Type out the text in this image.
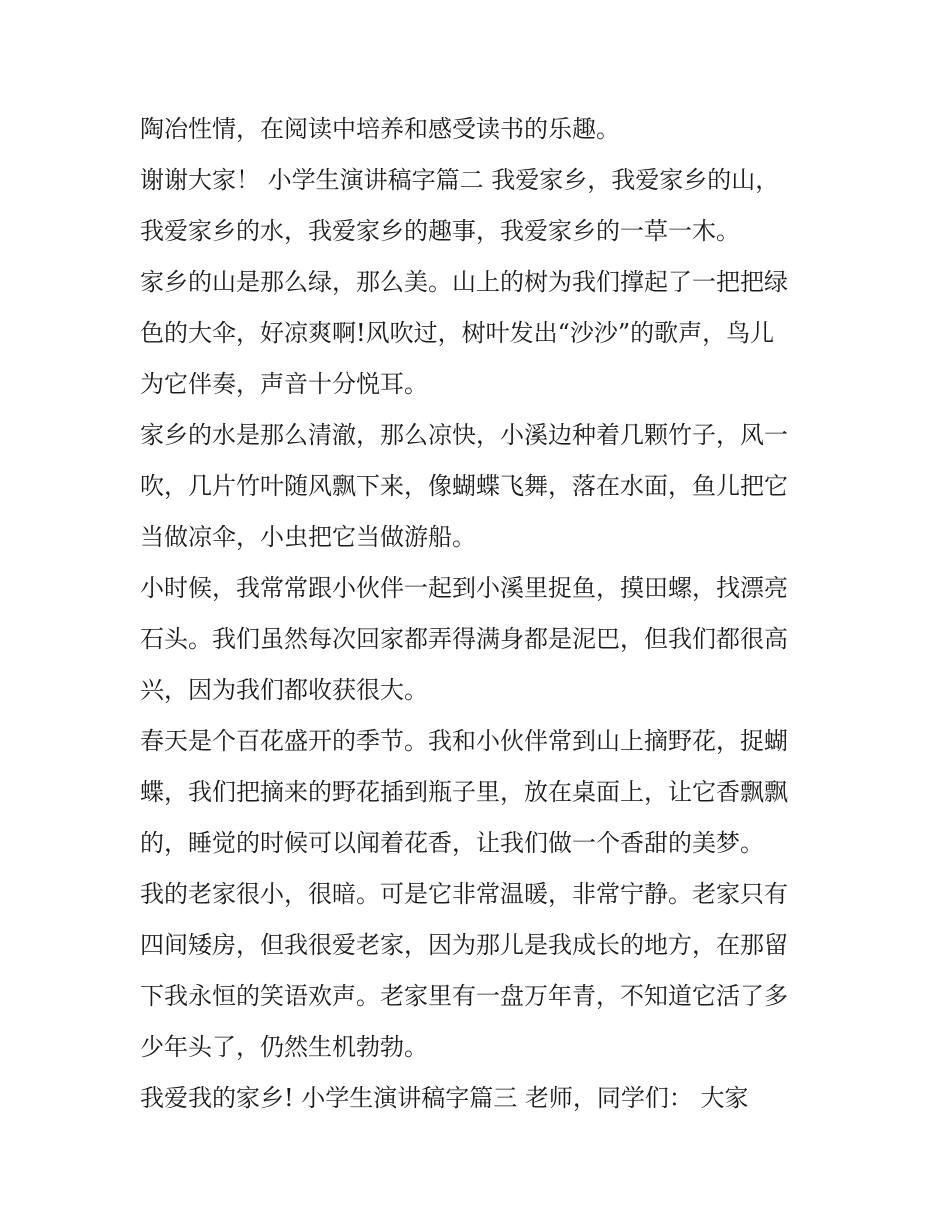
陶冶性情，在阅读中培养和感受读书的乐趣。
谢谢大家！ 小学生演讲稿字篇二 我爱家乡，我爱家乡的山，
我爱家乡的水，我爱家乡的趣事，我爱家乡的一草一木。
家乡的山是那么绿，那么美。山上的树为我们撑起了一把把绿
色的大伞，好凉爽啊!风吹过，树叶发出“沙沙”的歌声，鸟儿
为它伴奏，声音十分悦耳。
家乡的水是那么清澈，那么凉快，小溪边种着几颗竹子，风一
吹，几片竹叶随风飘下来，像蝴蝶飞舞，落在水面，鱼儿把它
当做凉伞，小虫把它当做游船。
小时候，我常常跟小伙伴一起到小溪里捉鱼，摸田螺，找漂亮
石头。我们虽然每次回家都弄得满身都是泥巴，但我们都很高
兴，因为我们都收获很大。
春天是个百花盛开的季节。我和小伙伴常到山上摘野花，捉蝴
蝶，我们把摘来的野花插到瓶子里，放在桌面上，让它香飘飘
的，睡觉的时候可以闻着花香，让我们做一个香甜的美梦。
我的老家很小，很暗。可是它非常温暖，非常宁静。老家只有
四间矮房，但我很爱老家，因为那儿是我成长的地方，在那留
下我永恒的笑语欢声。老家里有一盘万年青，不知道它活了多
少年头了，仍然生机勃勃。
我爱我的家乡! 小学生演讲稿字篇三 老师，同学们： 大家
